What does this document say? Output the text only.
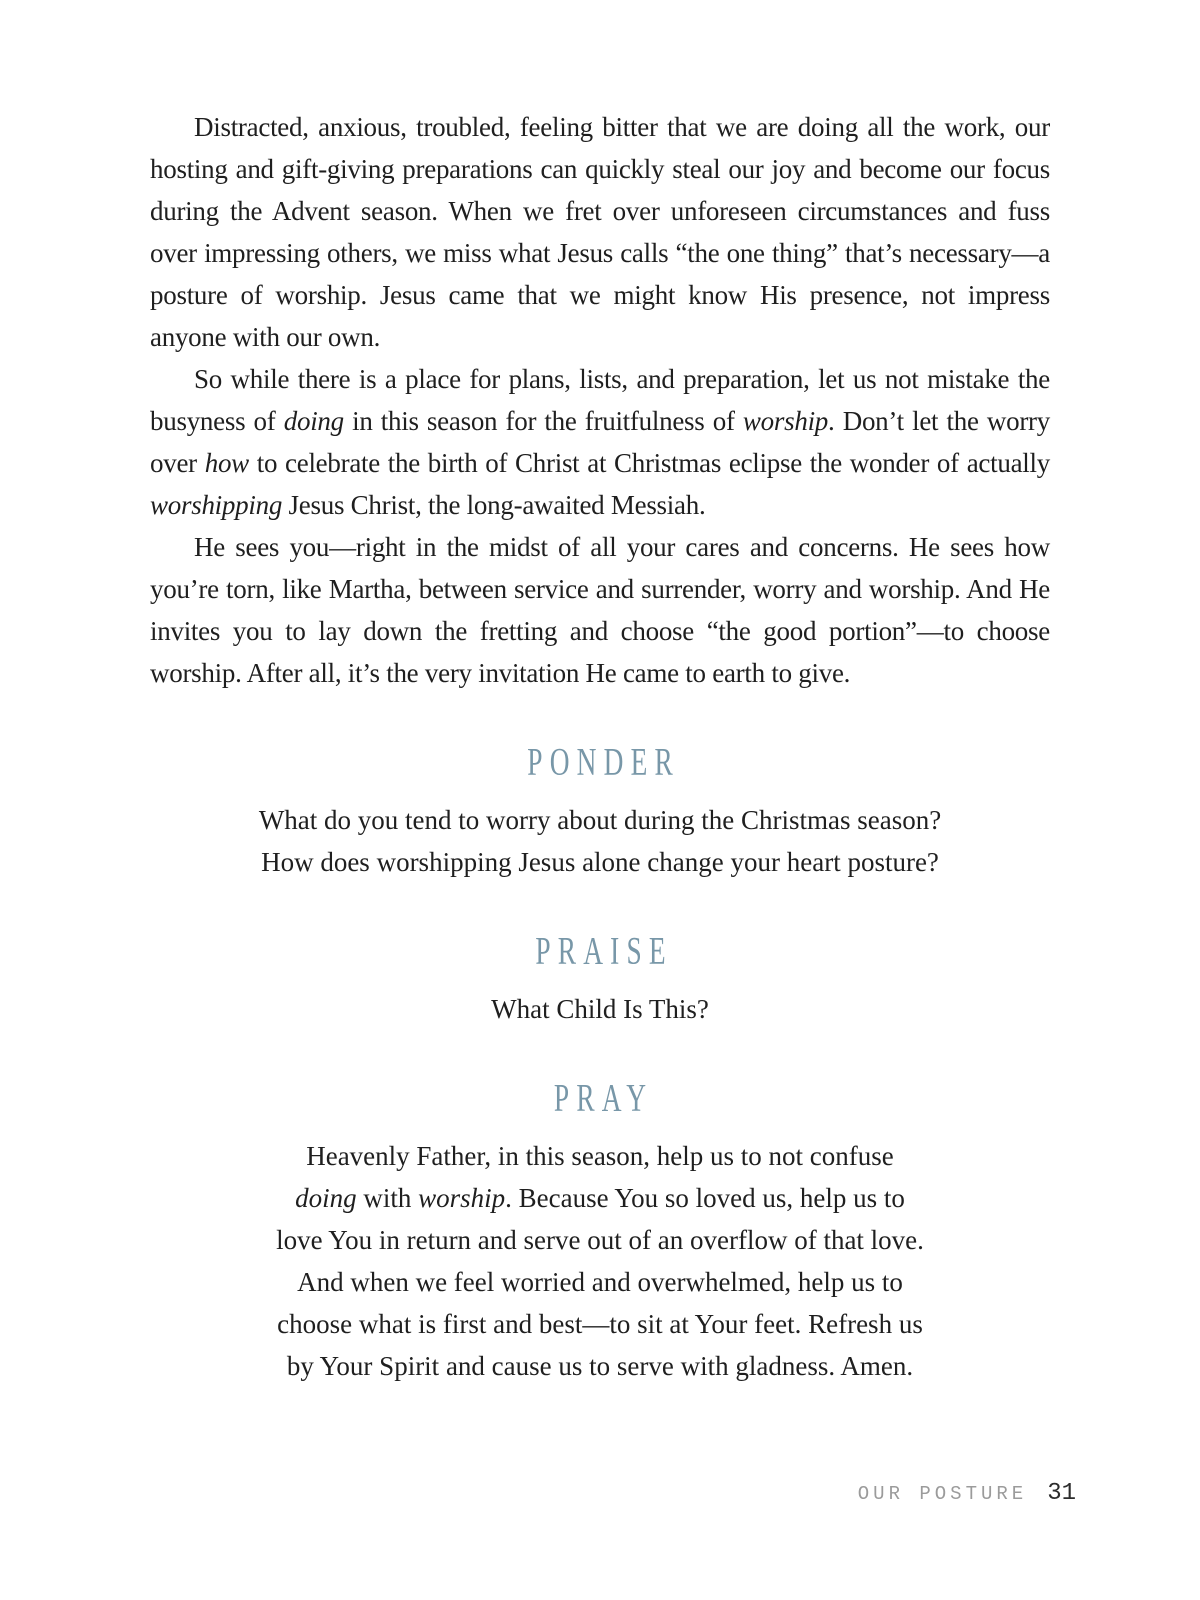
Distracted, anxious, troubled, feeling bitter that we are doing all the work, our hosting and gift-giving preparations can quickly steal our joy and become our focus during the Advent season. When we fret over unforeseen circumstances and fuss over impressing others, we miss what Jesus calls “the one thing” that’s necessary—a posture of worship. Jesus came that we might know His presence, not impress anyone with our own.

So while there is a place for plans, lists, and preparation, let us not mistake the busyness of doing in this season for the fruitfulness of worship. Don’t let the worry over how to celebrate the birth of Christ at Christmas eclipse the wonder of actually worshipping Jesus Christ, the long-awaited Messiah.

He sees you—right in the midst of all your cares and concerns. He sees how you’re torn, like Martha, between service and surrender, worry and worship. And He invites you to lay down the fretting and choose “the good portion”—to choose worship. After all, it’s the very invitation He came to earth to give.

PONDER
What do you tend to worry about during the Christmas season?
How does worshipping Jesus alone change your heart posture?
PRAISE
What Child Is This?
PRAY
Heavenly Father, in this season, help us to not confuse
doing with worship. Because You so loved us, help us to
love You in return and serve out of an overflow of that love.
And when we feel worried and overwhelmed, help us to
choose what is first and best—to sit at Your feet. Refresh us
by Your Spirit and cause us to serve with gladness. Amen.
OUR POSTURE 31
